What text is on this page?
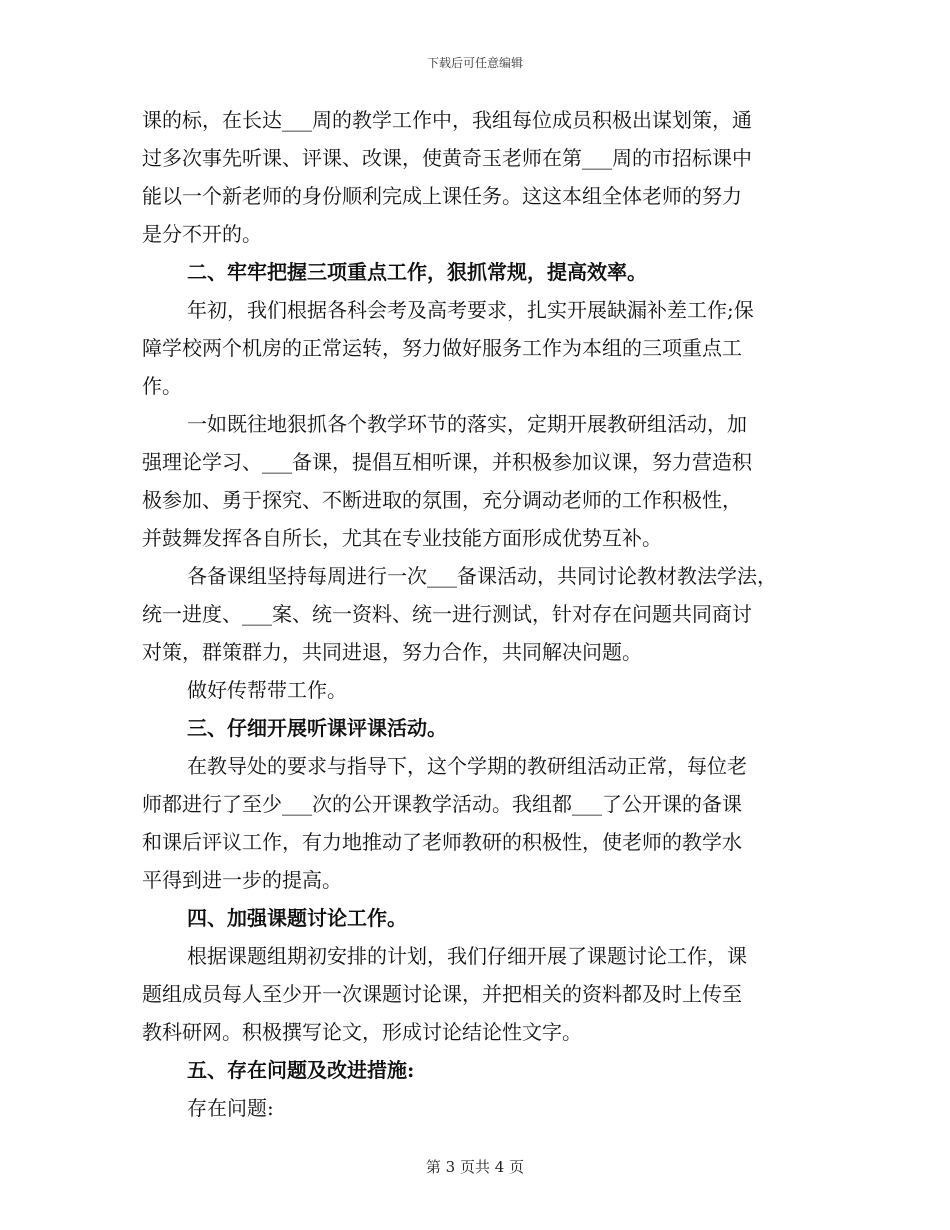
下载后可任意编辑
课的标，在长达___周的教学工作中，我组每位成员积极出谋划策，通
过多次事先听课、评课、改课，使黄奇玉老师在第___周的市招标课中
能以一个新老师的身份顺利完成上课任务。这这本组全体老师的努力
是分不开的。
二、牢牢把握三项重点工作，狠抓常规，提高效率。
年初，我们根据各科会考及高考要求，扎实开展缺漏补差工作;保
障学校两个机房的正常运转，努力做好服务工作为本组的三项重点工
作。
一如既往地狠抓各个教学环节的落实，定期开展教研组活动，加
强理论学习、___备课，提倡互相听课，并积极参加议课，努力营造积
极参加、勇于探究、不断进取的氛围，充分调动老师的工作积极性，
并鼓舞发挥各自所长，尤其在专业技能方面形成优势互补。
各备课组坚持每周进行一次___备课活动，共同讨论教材教法学法，
统一进度、___案、统一资料、统一进行测试，针对存在问题共同商讨
对策，群策群力，共同进退，努力合作，共同解决问题。
做好传帮带工作。
三、仔细开展听课评课活动。
在教导处的要求与指导下，这个学期的教研组活动正常，每位老
师都进行了至少___次的公开课教学活动。我组都___了公开课的备课
和课后评议工作，有力地推动了老师教研的积极性，使老师的教学水
平得到进一步的提高。
四、加强课题讨论工作。
根据课题组期初安排的计划，我们仔细开展了课题讨论工作，课
题组成员每人至少开一次课题讨论课，并把相关的资料都及时上传至
教科研网。积极撰写论文，形成讨论结论性文字。
五、存在问题及改进措施:
存在问题:
第 3 页共 4 页
